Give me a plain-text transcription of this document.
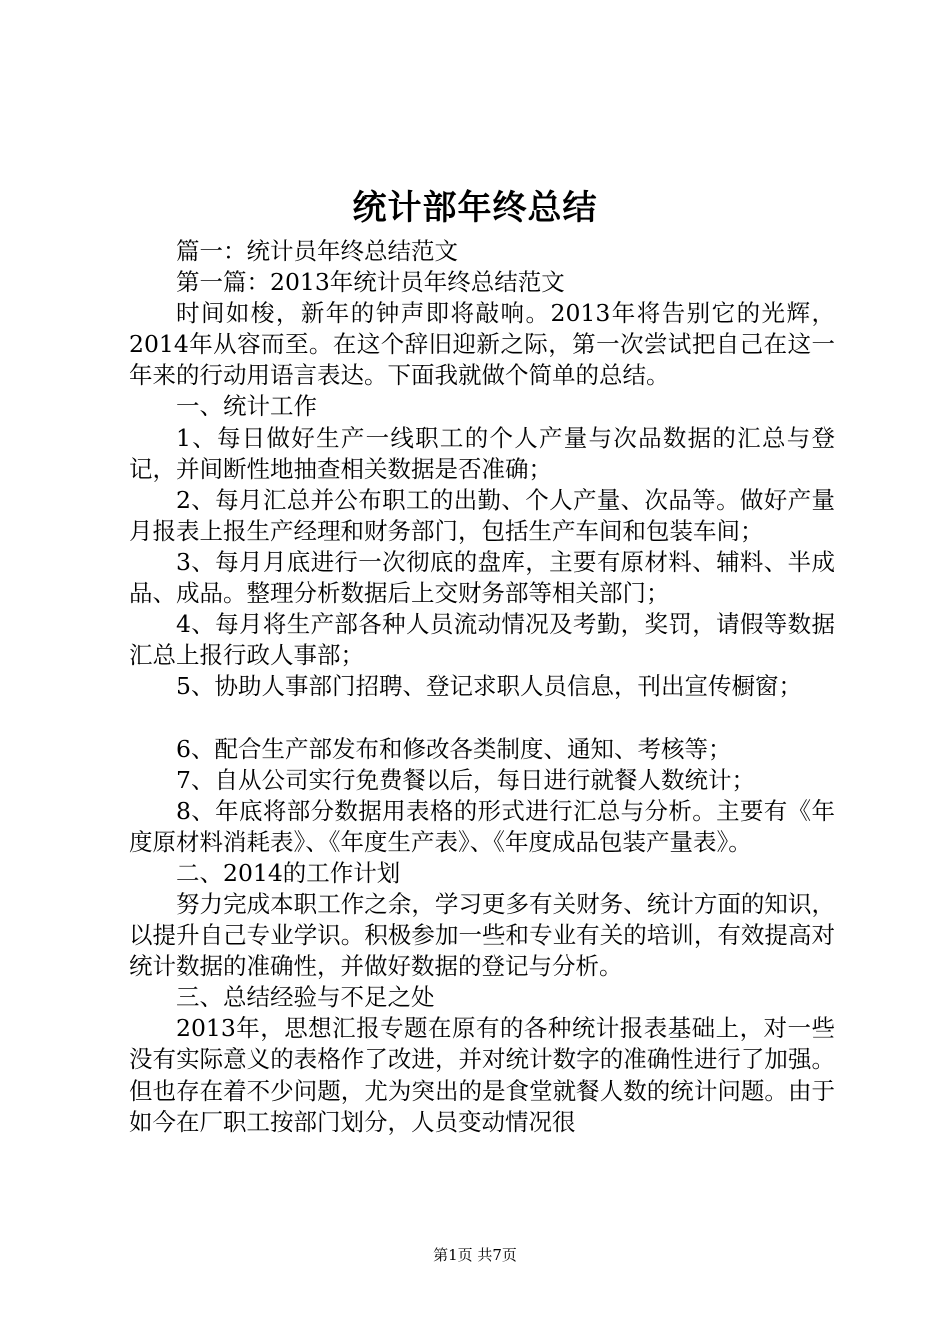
统计部年终总结

篇一：统计员年终总结范文

第一篇：2013年统计员年终总结范文

时间如梭，新年的钟声即将敲响。2013年将告别它的光辉，2014年从容而至。在这个辞旧迎新之际，第一次尝试把自己在这一年来的行动用语言表达。下面我就做个简单的总结。

一、统计工作

1、每日做好生产一线职工的个人产量与次品数据的汇总与登记，并间断性地抽查相关数据是否准确；

2、每月汇总并公布职工的出勤、个人产量、次品等。做好产量月报表上报生产经理和财务部门，包括生产车间和包装车间；

3、每月月底进行一次彻底的盘库，主要有原材料、辅料、半成品、成品。整理分析数据后上交财务部等相关部门；

4、每月将生产部各种人员流动情况及考勤，奖罚，请假等数据汇总上报行政人事部；

5、协助人事部门招聘、登记求职人员信息，刊出宣传橱窗；

6、配合生产部发布和修改各类制度、通知、考核等；

7、自从公司实行免费餐以后，每日进行就餐人数统计；

8、年底将部分数据用表格的形式进行汇总与分析。主要有《年度原材料消耗表》、《年度生产表》、《年度成品包装产量表》。

二、2014的工作计划

努力完成本职工作之余，学习更多有关财务、统计方面的知识，以提升自己专业学识。积极参加一些和专业有关的培训，有效提高对统计数据的准确性，并做好数据的登记与分析。

三、总结经验与不足之处

2013年，思想汇报专题在原有的各种统计报表基础上，对一些没有实际意义的表格作了改进，并对统计数字的准确性进行了加强。但也存在着不少问题，尤为突出的是食堂就餐人数的统计问题。由于如今在厂职工按部门划分，人员变动情况很

第1页 共7页
